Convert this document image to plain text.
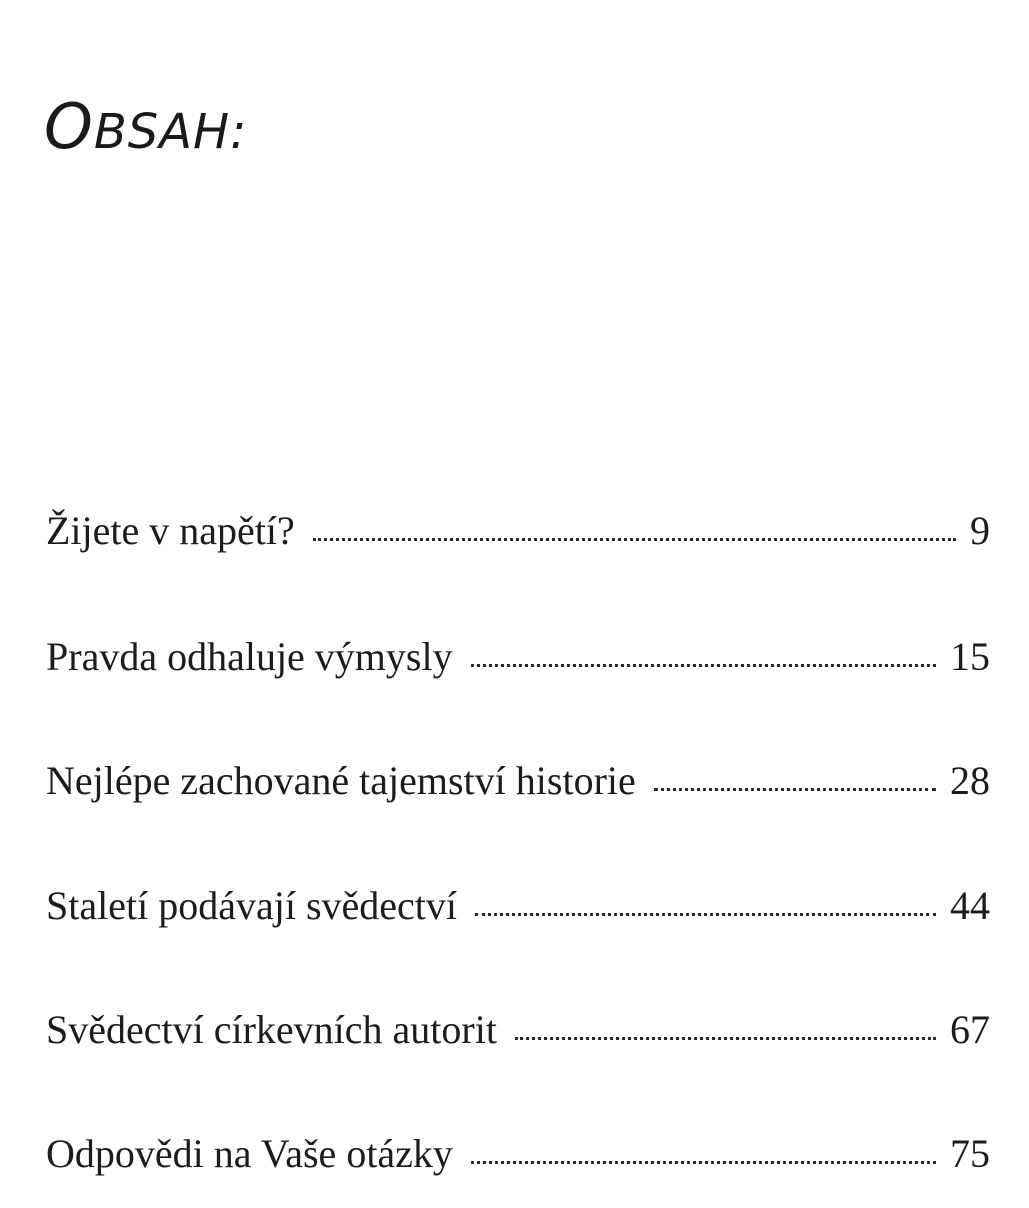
OBSAH:
Žijete v napětí?	9
Pravda odhaluje výmysly	15
Nejlépe zachované tajemství historie	28
Staletí podávají svědectví	44
Svědectví církevních autorit	67
Odpovědi na Vaše otázky	75
